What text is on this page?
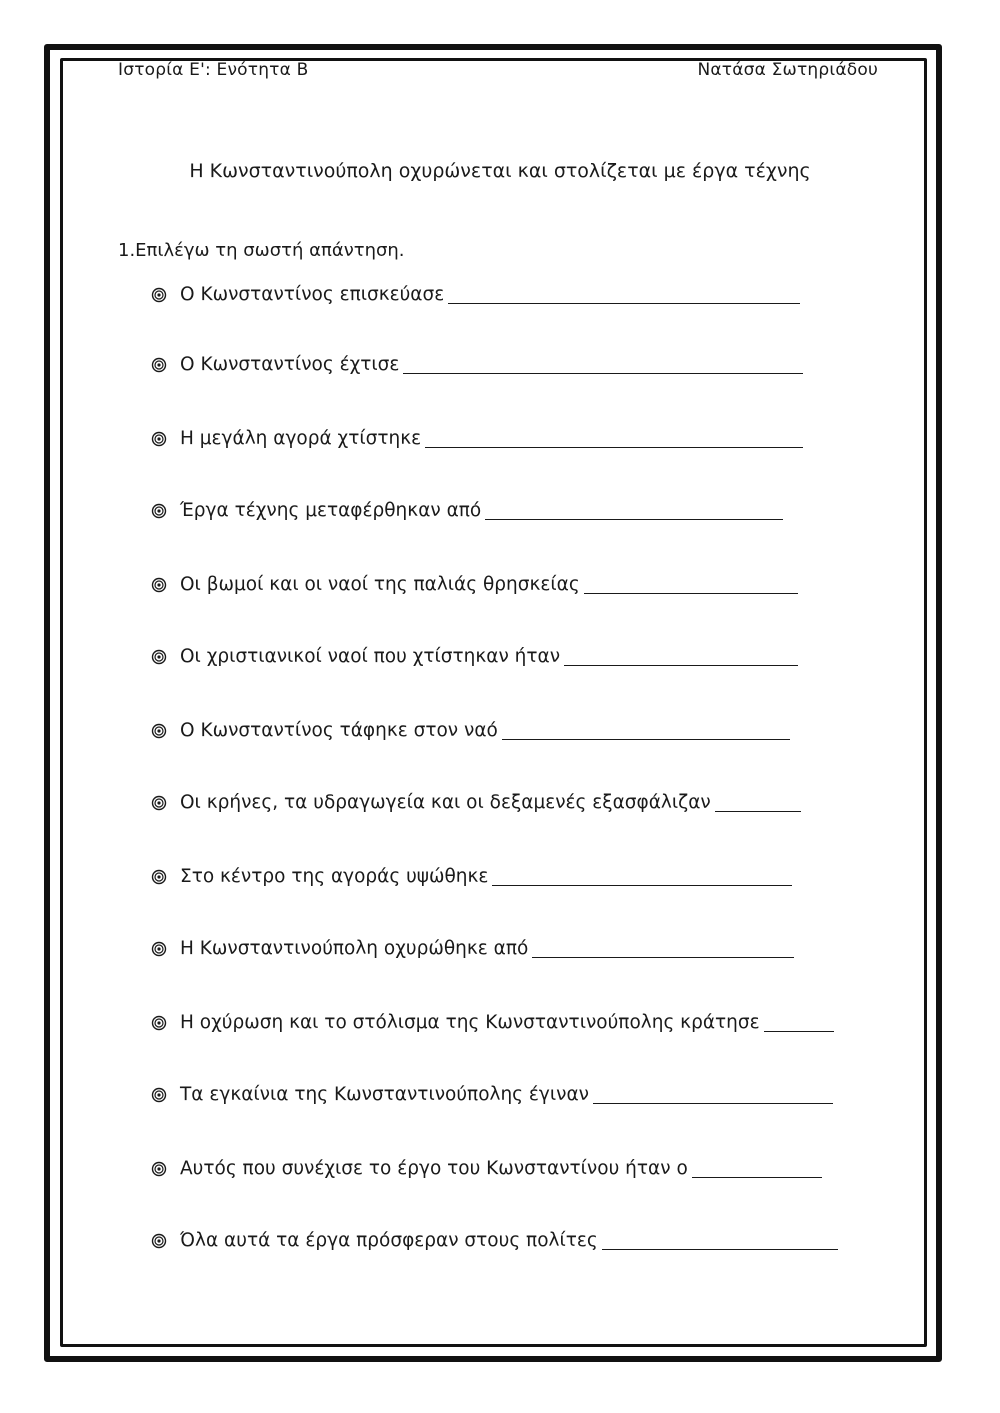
Ιστορία Ε': Ενότητα Β	Νατάσα Σωτηριάδου
Η Κωνσταντινούπολη οχυρώνεται και στολίζεται με έργα τέχνης
1.Επιλέγω τη σωστή απάντηση.
Ο Κωνσταντίνος επισκεύασε
Ο Κωνσταντίνος έχτισε
Η μεγάλη αγορά χτίστηκε
Έργα τέχνης μεταφέρθηκαν από
Οι βωμοί και οι ναοί της παλιάς θρησκείας
Οι χριστιανικοί ναοί που χτίστηκαν ήταν
Ο Κωνσταντίνος τάφηκε στον ναό
Οι κρήνες, τα υδραγωγεία και οι δεξαμενές εξασφάλιζαν
Στο κέντρο της αγοράς υψώθηκε
Η Κωνσταντινούπολη οχυρώθηκε από
Η οχύρωση και το στόλισμα της Κωνσταντινούπολης κράτησε
Τα εγκαίνια της Κωνσταντινούπολης έγιναν
Αυτός που συνέχισε το έργο του Κωνσταντίνου ήταν ο
Όλα αυτά τα έργα πρόσφεραν στους πολίτες
